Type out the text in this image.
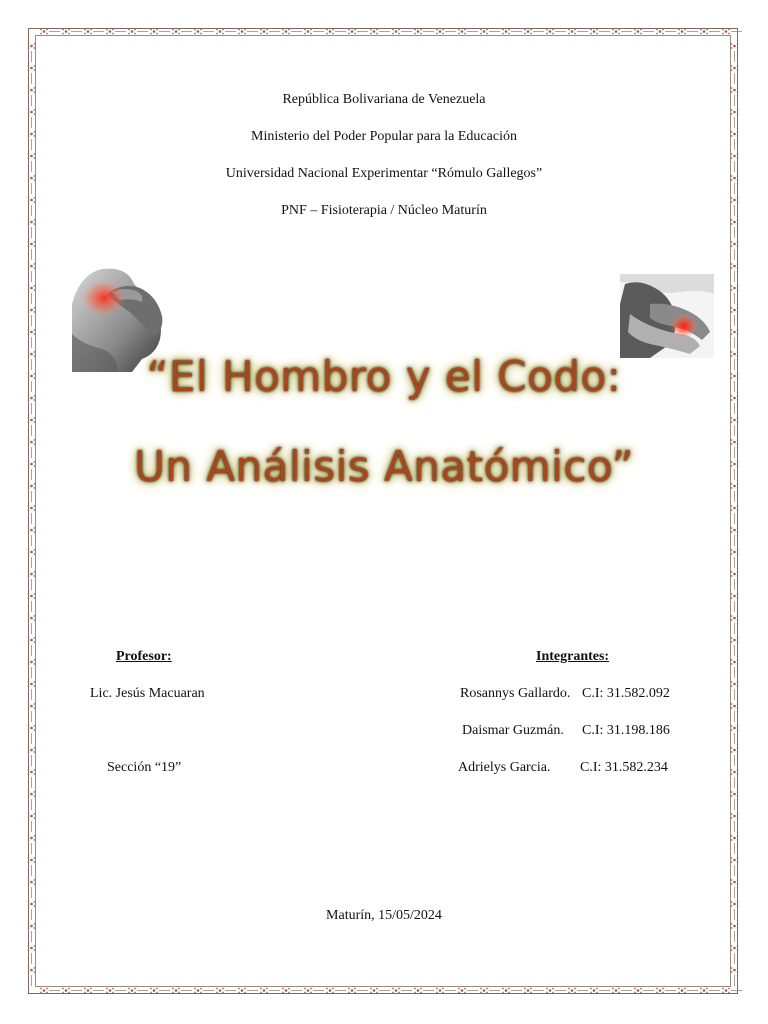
República Bolivariana de Venezuela
Ministerio del Poder Popular para la Educación
Universidad Nacional Experimentar “Rómulo Gallegos”
PNF – Fisioterapia / Núcleo Maturín
“El Hombro y el Codo:
Un Análisis Anatómico”
Profesor:
Lic. Jesús Macuaran
Sección “19”
Integrantes:
Rosannys Gallardo. C.I: 31.582.092
Daismar Guzmán. C.I: 31.198.186
Adrielys Garcia. C.I: 31.582.234
Maturín, 15/05/2024
